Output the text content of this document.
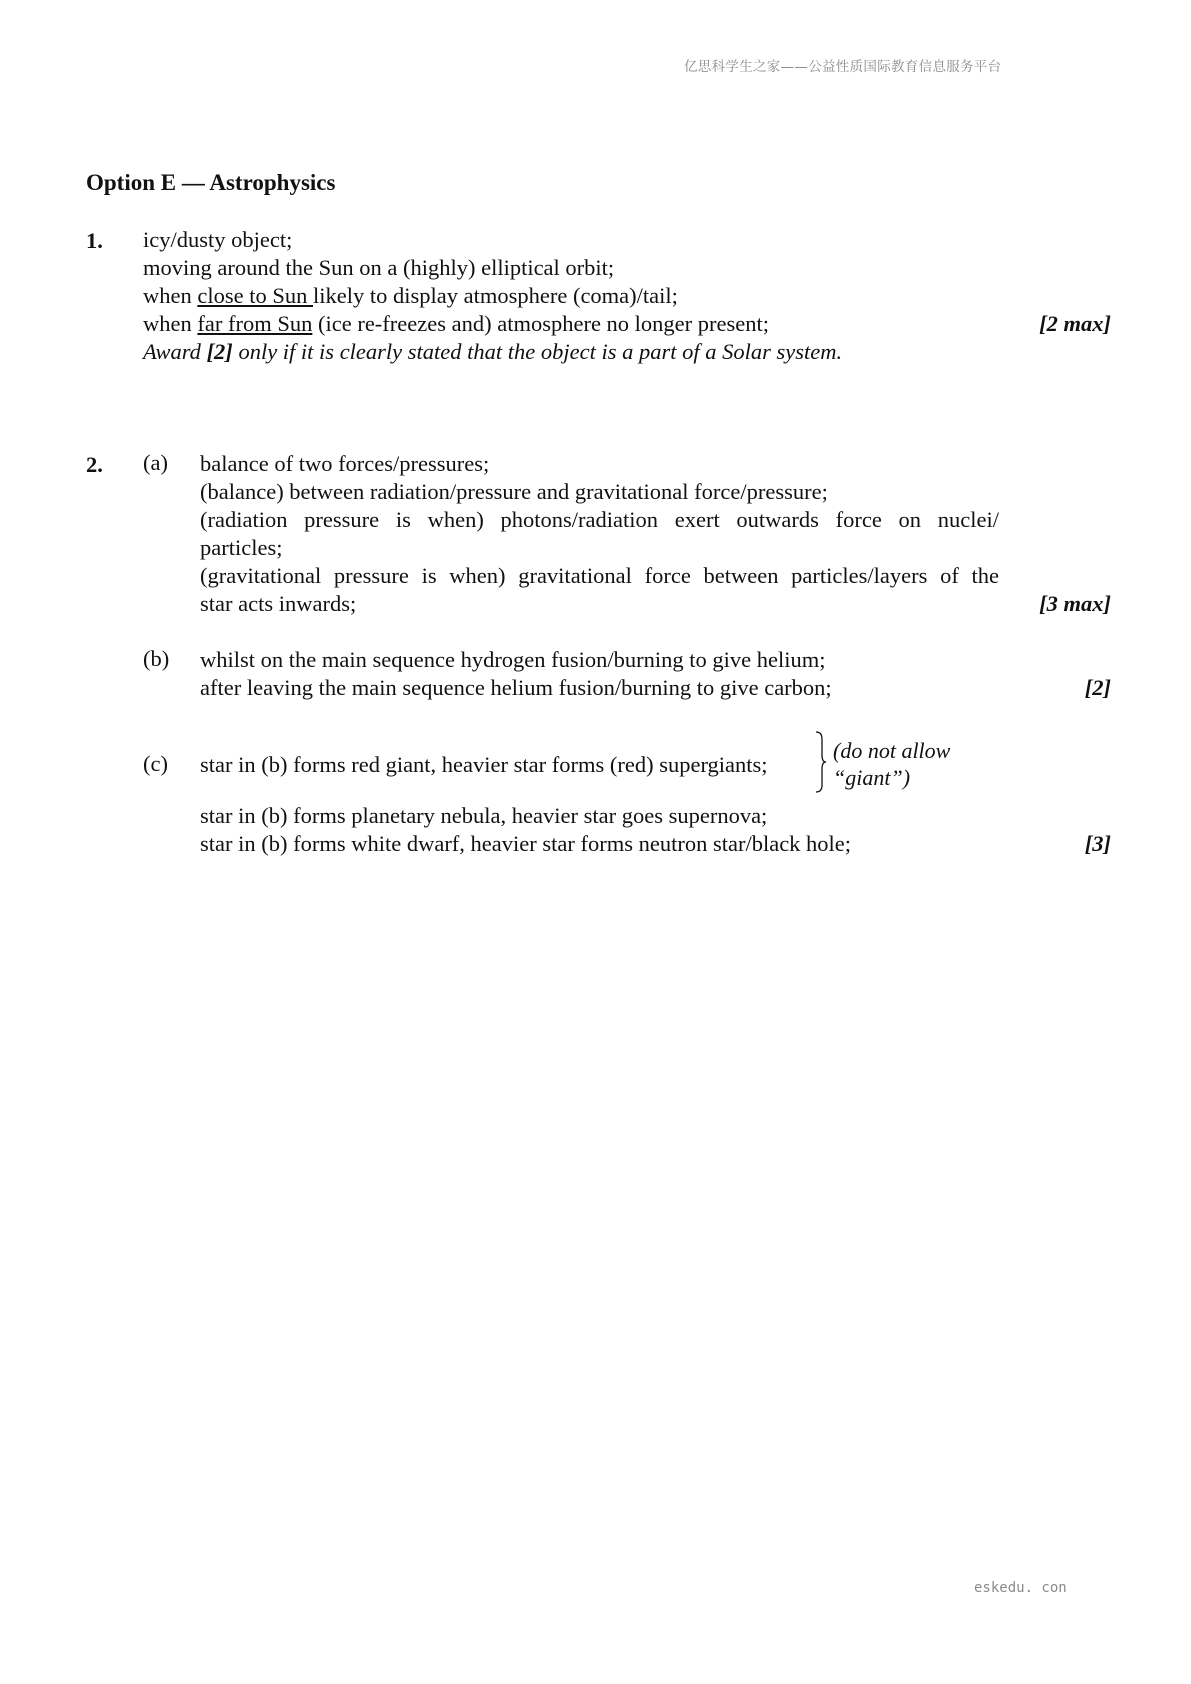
亿思科学生之家——公益性质国际教育信息服务平台
Option E — Astrophysics
1. icy/dusty object;
moving around the Sun on a (highly) elliptical orbit;
when close to Sun likely to display atmosphere (coma)/tail;
when far from Sun (ice re-freezes and) atmosphere no longer present;	[2 max]
Award [2] only if it is clearly stated that the object is a part of a Solar system.
2. (a) balance of two forces/pressures;
(balance) between radiation/pressure and gravitational force/pressure;
(radiation pressure is when) photons/radiation exert outwards force on nuclei/
particles;
(gravitational pressure is when) gravitational force between particles/layers of the
star acts inwards;	[3 max]
(b) whilst on the main sequence hydrogen fusion/burning to give helium;
after leaving the main sequence helium fusion/burning to give carbon;	[2]
(c) star in (b) forms red giant, heavier star forms (red) supergiants;
(do not allow
“giant”)
star in (b) forms planetary nebula, heavier star goes supernova;
star in (b) forms white dwarf, heavier star forms neutron star/black hole;	[3]
eskedu. con
